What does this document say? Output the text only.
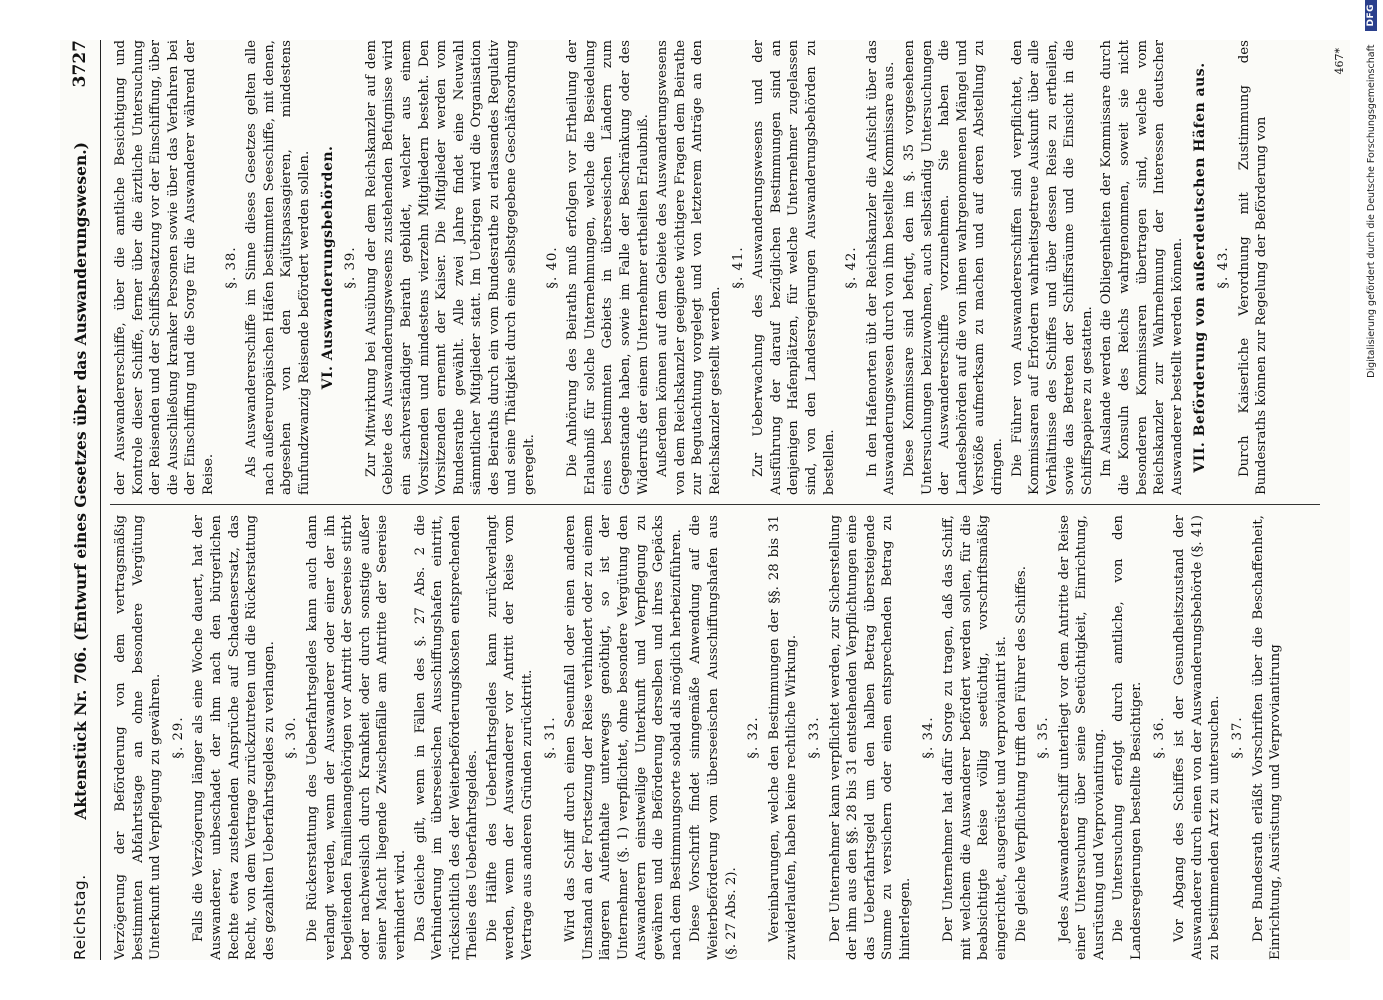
Reichstag.
Aktenstück Nr. 706. (Entwurf eines Gesetzes über das Auswanderungswesen.)
3727

Verzögerung der Beförderung von dem vertragsmäßig bestimmten Abfahrtstage an ohne besondere Vergütung Unterkunft und Verpflegung zu gewähren. §. 29. Falls die Verzögerung länger als eine Woche dauert, hat der Auswanderer, unbeschadet der ihm nach den bürgerlichen Rechte etwa zustehenden Ansprüche auf Schadensersatz, das Recht, von dem Vertrage zurückzutreten und die Rückerstattung des gezahlten Ueberfahrtsgeldes zu verlangen. §. 30. Die Rückerstattung des Ueberfahrtsgeldes kann auch dann verlangt werden, wenn der Auswanderer oder einer der ihn begleitenden Familienangehörigen vor Antritt der Seereise stirbt oder nachweislich durch Krankheit oder durch sonstige außer seiner Macht liegende Zwischenfälle am Antritte der Seereise verhindert wird. Das Gleiche gilt, wenn in Fällen des §. 27 Abs. 2 die Verhinderung im überseeischen Ausschiffungshafen eintritt, rücksichtlich des der Weiterbeförderungskosten entsprechenden Theiles des Ueberfahrtsgeldes. Die Hälfte des Ueberfahrtsgeldes kann zurückverlangt werden, wenn der Auswanderer vor Antritt der Reise vom Vertrage aus anderen Gründen zurücktritt. §. 31. Wird das Schiff durch einen Seeunfall oder einen anderen Umstand an der Fortsetzung der Reise verhindert oder zu einem längeren Aufenthalte unterwegs genöthigt, so ist der Unternehmer (§. 1) verpflichtet, ohne besondere Vergütung den Auswanderern einstweilige Unterkunft und Verpflegung zu gewähren und die Beförderung derselben und ihres Gepäcks nach dem Bestimmungsorte sobald als möglich herbeizuführen. Diese Vorschrift findet sinngemäße Anwendung auf die Weiterbeförderung vom überseeischen Ausschiffungshafen aus (§. 27 Abs. 2).

§. 32. Vereinbarungen, welche den Bestimmungen der §§. 28 bis 31 zuwiderlaufen, haben keine rechtliche Wirkung. §. 33. Der Unternehmer kann verpflichtet werden, zur Sicherstellung der ihm aus den §§. 28 bis 31 entstehenden Verpflichtungen eine das Ueberfahrtsgeld um den halben Betrag übersteigende Summe zu versichern oder einen entsprechenden Betrag zu hinterlegen.

§. 34. Der Unternehmer hat dafür Sorge zu tragen, daß das Schiff, mit welchem die Auswanderer befördert werden sollen, für die beabsichtigte Reise völlig seetüchtig, vorschriftsmäßig eingerichtet, ausgerüstet und verproviantirt ist. Die gleiche Verpflichtung trifft den Führer des Schiffes. §. 35. Jedes Auswandererschiff unterliegt vor dem Antritte der Reise einer Untersuchung über seine Seetüchtigkeit, Einrichtung, Ausrüstung und Verproviantirung. Die Untersuchung erfolgt durch amtliche, von den Landesregierungen bestellte Besichtiger. §. 36. Vor Abgang des Schiffes ist der Gesundheitszustand der Auswanderer durch einen von der Auswanderungsbehörde (§. 41) zu bestimmenden Arzt zu untersuchen. §. 37. Der Bundesrath erläßt Vorschriften über die Beschaffenheit, Einrichtung, Ausrüstung und Verproviantirung

der Auswandererschiffe, über die amtliche Besichtigung und Kontrole dieser Schiffe, ferner über die ärztliche Untersuchung der Reisenden und der Schiffsbesatzung vor der Einschiffung, über die Ausschließung kranker Personen sowie über das Verfahren bei der Einschiffung und die Sorge für die Auswanderer während der Reise.

§. 38. Als Auswandererschiffe im Sinne dieses Gesetzes gelten alle nach außereuropäischen Häfen bestimmten Seeschiffe, mit denen, abgesehen von den Kajütspassagieren, mindestens fünfundzwanzig Reisende befördert werden sollen. VI. Auswanderungsbehörden. §. 39. Zur Mitwirkung bei Ausübung der dem Reichskanzler auf dem Gebiete des Auswanderungswesens zustehenden Befugnisse wird ein sachverständiger Beirath gebildet, welcher aus einem Vorsitzenden und mindestens vierzehn Mitgliedern besteht. Den Vorsitzenden ernennt der Kaiser. Die Mitglieder werden vom Bundesrathe gewählt. Alle zwei Jahre findet eine Neuwahl sämmtlicher Mitglieder statt. Im Uebrigen wird die Organisation des Beiraths durch ein vom Bundesrathe zu erlassendes Regulativ und seine Thätigkeit durch eine selbstgegebene Geschäftsordnung geregelt.

§. 40. Die Anhörung des Beiraths muß erfolgen vor Ertheilung der Erlaubniß für solche Unternehmungen, welche die Besiedelung eines bestimmten Gebiets in überseeischen Ländern zum Gegenstande haben, sowie im Falle der Beschränkung oder des Widerrufs der einem Unternehmer ertheilten Erlaubniß. Außerdem können auf dem Gebiete des Auswanderungswesens von dem Reichskanzler geeignete wichtigere Fragen dem Beirathe zur Begutachtung vorgelegt und von letzterem Anträge an den Reichskanzler gestellt werden.

§. 41. Zur Ueberwachung des Auswanderungswesens und der Ausführung der darauf bezüglichen Bestimmungen sind an denjenigen Hafenplätzen, für welche Unternehmer zugelassen sind, von den Landesregierungen Auswanderungsbehörden zu bestellen.

§. 42. In den Hafenorten übt der Reichskanzler die Aufsicht über das Auswanderungswesen durch von ihm bestellte Kommissare aus. Diese Kommissare sind befugt, den im §. 35 vorgesehenen Untersuchungen beizuwohnen, auch selbständig Untersuchungen der Auswandererschiffe vorzunehmen. Sie haben die Landesbehörden auf die von ihnen wahrgenommenen Mängel und Verstöße aufmerksam zu machen und auf deren Abstellung zu dringen. Die Führer von Auswandererschiffen sind verpflichtet, den Kommissaren auf Erfordern wahrheitsgetreue Auskunft über alle Verhältnisse des Schiffes und über dessen Reise zu ertheilen, sowie das Betreten der Schiffsräume und die Einsicht in die Schiffspapiere zu gestatten. Im Auslande werden die Obliegenheiten der Kommissare durch die Konsuln des Reichs wahrgenommen, soweit sie nicht besonderen Kommissaren übertragen sind, welche vom Reichskanzler zur Wahrnehmung der Interessen deutscher Auswanderer bestellt werden können. VII. Beförderung von außerdeutschen Häfen aus. §. 43. Durch Kaiserliche Verordnung mit Zustimmung des Bundesraths können zur Regelung der Beförderung von

467* Digitalisierung gefördert durch die Deutsche Forschungsgemeinschaft
DFG
